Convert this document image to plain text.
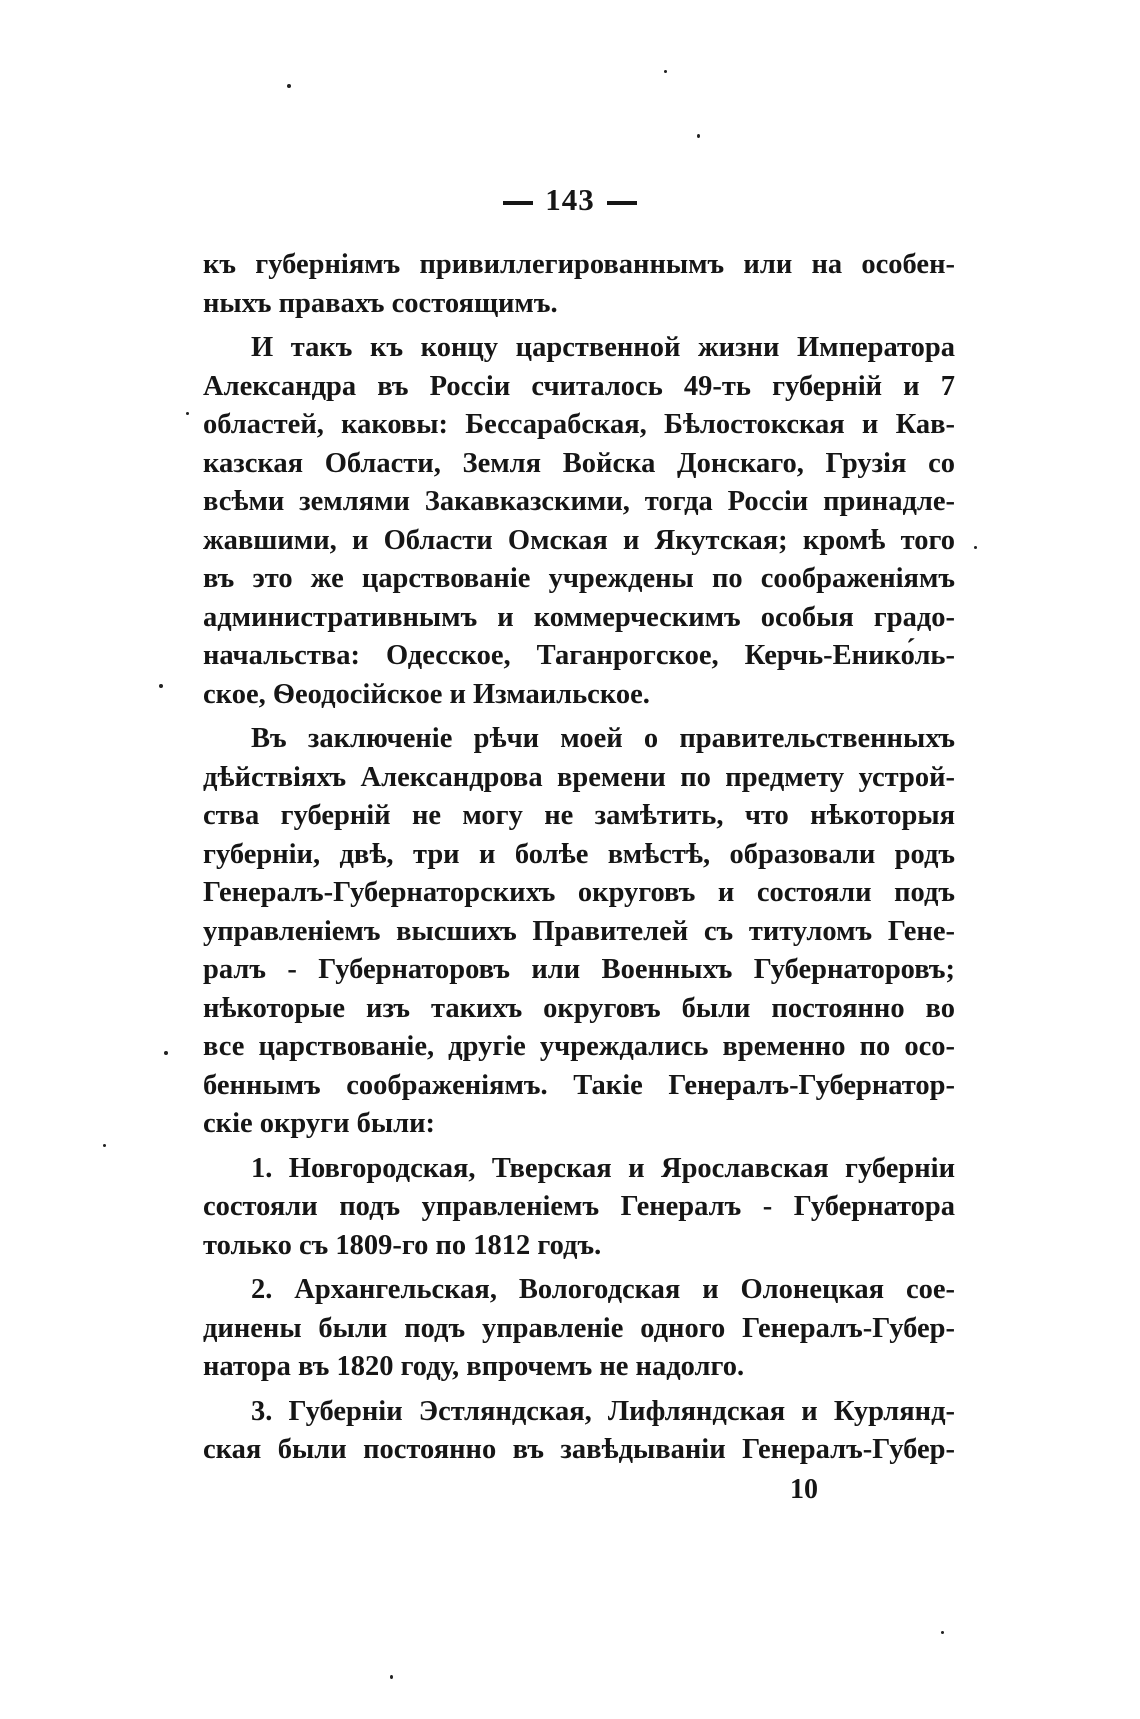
143
къ губерніямъ привиллегированнымъ или на особен-
ныхъ правахъ состоящимъ.
И такъ къ концу царственной жизни Императора
Александра въ Россіи считалось 49-ть губерній и 7
областей, каковы: Бессарабская, Бѣлостокская и Кав-
казская Области, Земля Войска Донскаго, Грузія со
всѣми землями Закавказскими, тогда Россіи принадле-
жавшими, и Области Омская и Якутская; кромѣ того
въ это же царствованіе учреждены по соображеніямъ
административнымъ и коммерческимъ особыя градо-
начальства: Одесское, Таганрогское, Керчь-Енико́ль-
ское, Ѳеодосійское и Измаильское.
Въ заключеніе рѣчи моей о правительственныхъ
дѣйствіяхъ Александрова времени по предмету устрой-
ства губерній не могу не замѣтить, что нѣкоторыя
губерніи, двѣ, три и болѣе вмѣстѣ, образовали родъ
Генералъ-Губернаторскихъ округовъ и состояли подъ
управленіемъ высшихъ Правителей съ титуломъ Гене-
ралъ - Губернаторовъ или Военныхъ Губернаторовъ;
нѣкоторые изъ такихъ округовъ были постоянно во
все царствованіе, другіе учреждались временно по осо-
беннымъ соображеніямъ. Такіе Генералъ-Губернатор-
скіе округи были:
1. Новгородская, Тверская и Ярославская губерніи
состояли подъ управленіемъ Генералъ - Губернатора
только съ 1809-го по 1812 годъ.
2. Архангельская, Вологодская и Олонецкая сое-
динены были подъ управленіе одного Генералъ-Губер-
натора въ 1820 году, впрочемъ не надолго.
3. Губерніи Эстляндская, Лифляндская и Курлянд-
ская были постоянно въ завѣдываніи Генералъ-Губер-
10
